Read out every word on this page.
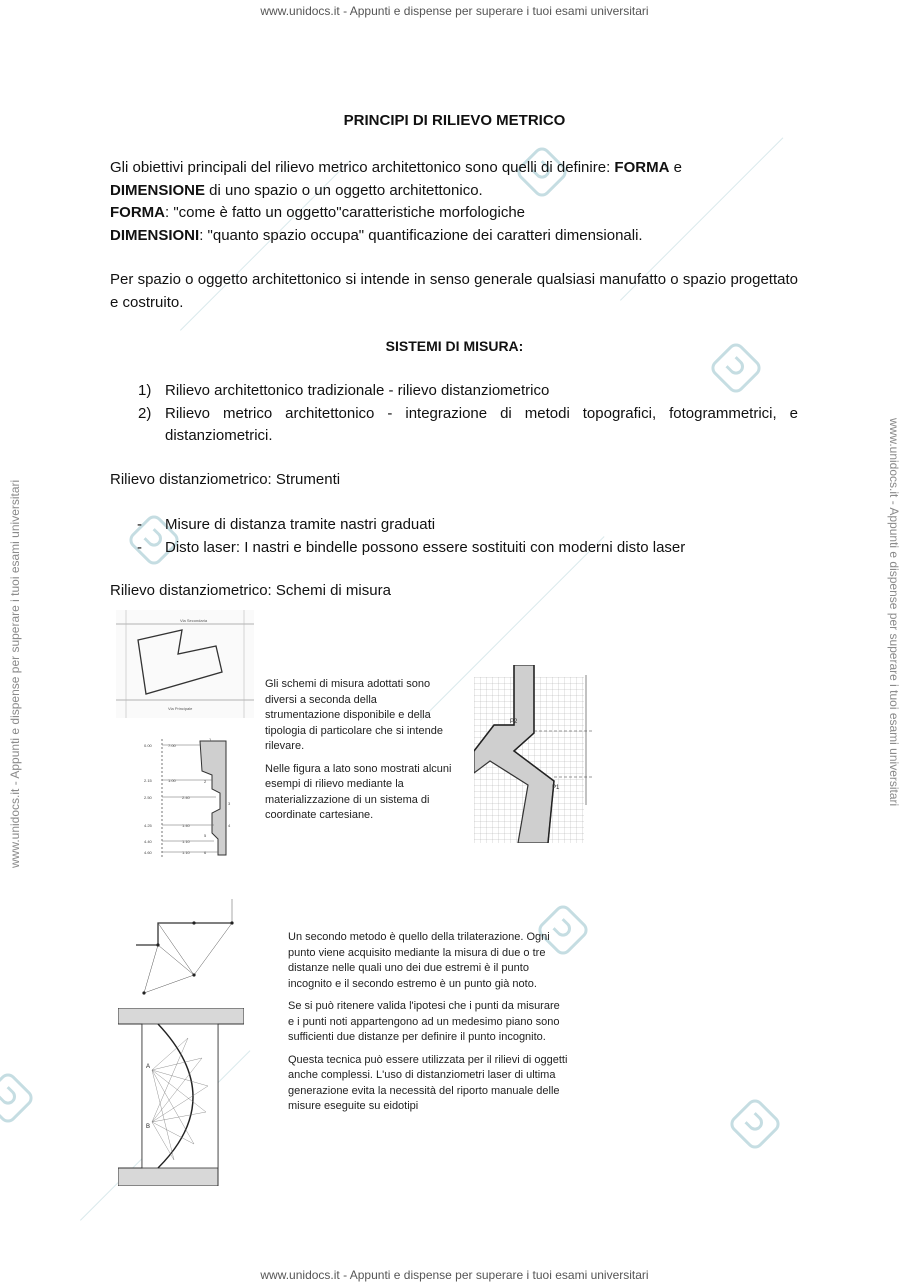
www.unidocs.it - Appunti e dispense per superare i tuoi esami universitari
www.unidocs.it - Appunti e dispense per superare i tuoi esami universitari
www.unidocs.it - Appunti e dispense per superare i tuoi esami universitari	www.unidocs.it - Appunti e dispense per superare i tuoi esami universitari
PRINCIPI DI RILIEVO METRICO
Gli obiettivi principali del rilievo metrico architettonico sono quelli di definire: FORMA e
DIMENSIONE di uno spazio o un oggetto architettonico.
FORMA: "come è fatto un oggetto"caratteristiche morfologiche
DIMENSIONI: "quanto spazio occupa" quantificazione dei caratteri dimensionali.
Per spazio o oggetto architettonico si intende in senso generale qualsiasi manufatto o spazio progettato e costruito.
SISTEMI DI MISURA:
1) Rilievo architettonico tradizionale - rilievo distanziometrico
2) Rilievo metrico architettonico - integrazione di metodi topografici, fotogrammetrici, e distanziometrici.
Rilievo distanziometrico: Strumenti
- Misure di distanza tramite nastri graduati
- Disto laser: I nastri e bindelle possono essere sostituiti con moderni disto laser
Rilievo distanziometrico: Schemi di misura
Via Secondaria
Via Principale
0.00
2.15
2.50
4.25
4.40
4.60
7.00
1.00
2.40
1.40
1.10
1.10
1
2
3
4
5
6

Gli schemi di misura adottati sono diversi a seconda della strumentazione disponibile e della tipologia di particolare che si intende rilevare.

Nelle figura a lato sono mostrati alcuni esempi di rilievo mediante la materializzazione di un sistema di coordinate cartesiane.

P2
P1
A
B

Un secondo metodo è quello della trilaterazione. Ogni punto viene acquisito mediante la misura di due o tre distanze nelle quali uno dei due estremi è il punto incognito e il secondo estremo è un punto già noto.

Se si può ritenere valida l'ipotesi che i punti da misurare e i punti noti appartengono ad un medesimo piano sono sufficienti due distanze per definire il punto incognito.

Questa tecnica può essere utilizzata per il rilievi di oggetti anche complessi. L'uso di distanziometri laser di ultima generazione evita la necessità del riporto manuale delle misure eseguite su eidotipi
